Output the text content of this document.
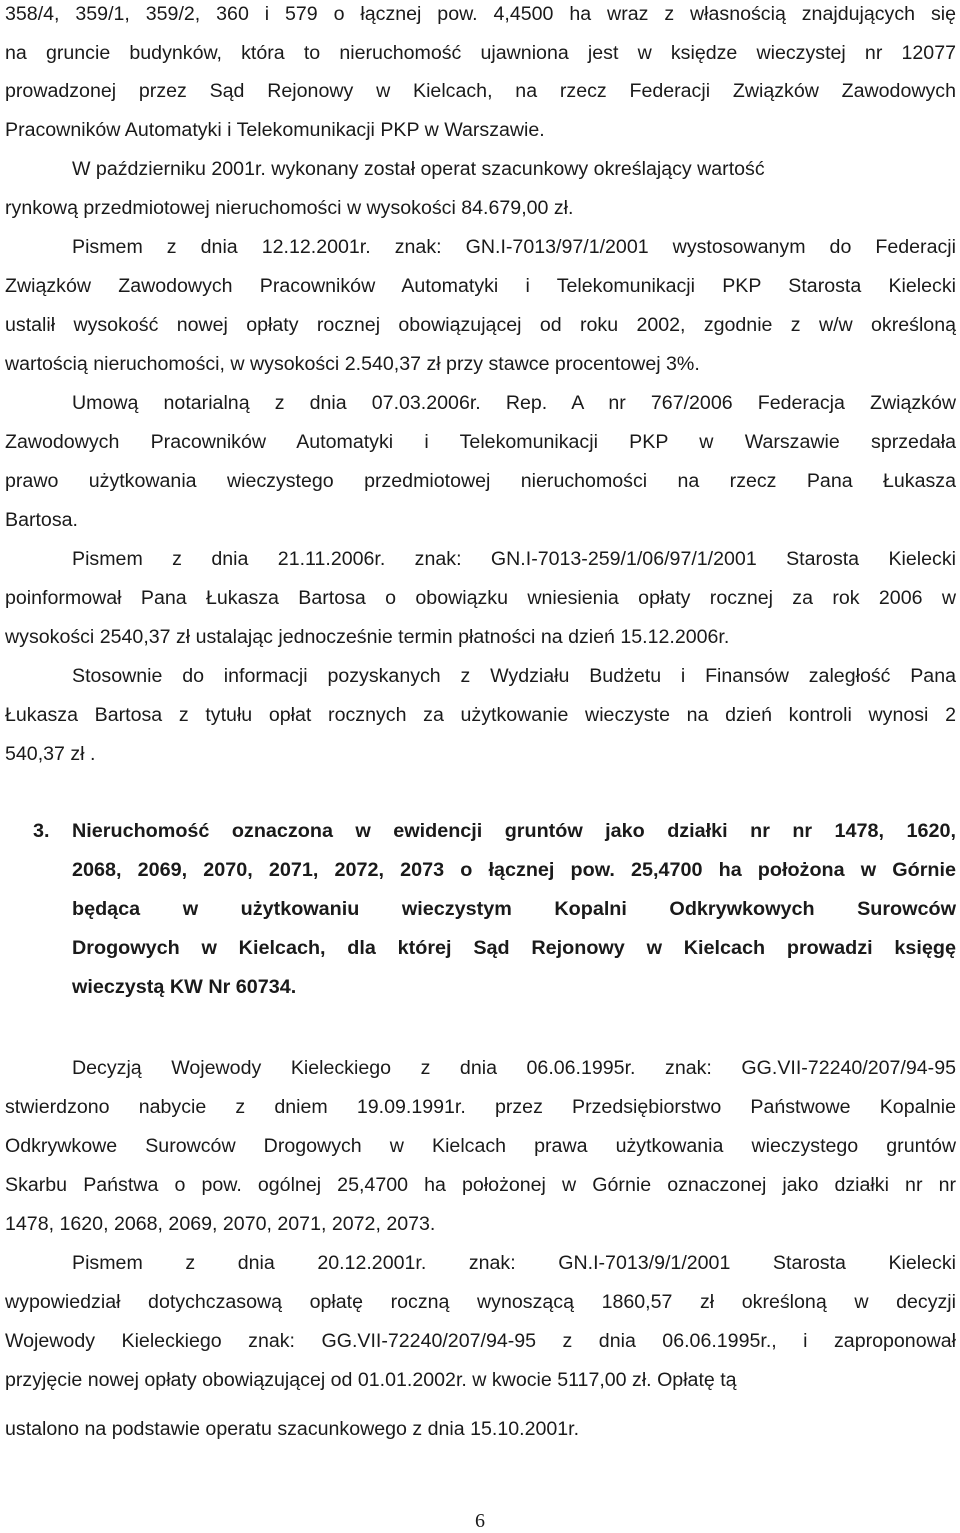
358/4, 359/1, 359/2, 360 i 579 o łącznej pow. 4,4500 ha wraz z własnością znajdujących się
na gruncie budynków, która to nieruchomość ujawniona jest w księdze wieczystej nr 12077
prowadzonej przez Sąd Rejonowy w Kielcach, na rzecz Federacji Związków Zawodowych
Pracowników Automatyki i Telekomunikacji PKP w Warszawie.
W październiku 2001r. wykonany został operat szacunkowy określający wartość
rynkową przedmiotowej nieruchomości w wysokości 84.679,00 zł.
Pismem z dnia 12.12.2001r. znak: GN.I-7013/97/1/2001 wystosowanym do Federacji
Związków Zawodowych Pracowników Automatyki i Telekomunikacji PKP Starosta Kielecki
ustalił wysokość nowej opłaty rocznej obowiązującej od roku 2002, zgodnie z w/w określoną
wartością nieruchomości, w wysokości 2.540,37 zł przy stawce procentowej 3%.
Umową notarialną z dnia 07.03.2006r. Rep. A nr 767/2006 Federacja Związków
Zawodowych Pracowników Automatyki i Telekomunikacji PKP w Warszawie sprzedała
prawo użytkowania wieczystego przedmiotowej nieruchomości na rzecz Pana Łukasza
Bartosa.
Pismem z dnia 21.11.2006r. znak: GN.I-7013-259/1/06/97/1/2001 Starosta Kielecki
poinformował Pana Łukasza Bartosa o obowiązku wniesienia opłaty rocznej za rok 2006 w
wysokości 2540,37 zł ustalając jednocześnie termin płatności na dzień 15.12.2006r.
Stosownie do informacji pozyskanych z Wydziału Budżetu i Finansów zaległość Pana
Łukasza Bartosa z tytułu opłat rocznych za użytkowanie wieczyste na dzień kontroli wynosi 2
540,37 zł .
3. Nieruchomość oznaczona w ewidencji gruntów jako działki nr nr 1478, 1620,
2068, 2069, 2070, 2071, 2072, 2073 o łącznej pow. 25,4700 ha położona w Górnie
będąca w użytkowaniu wieczystym Kopalni Odkrywkowych Surowców
Drogowych w Kielcach, dla której Sąd Rejonowy w Kielcach prowadzi księgę
wieczystą KW Nr 60734.
Decyzją Wojewody Kieleckiego z dnia 06.06.1995r. znak: GG.VII-72240/207/94-95
stwierdzono nabycie z dniem 19.09.1991r. przez Przedsiębiorstwo Państwowe Kopalnie
Odkrywkowe Surowców Drogowych w Kielcach prawa użytkowania wieczystego gruntów
Skarbu Państwa o pow. ogólnej 25,4700 ha położonej w Górnie oznaczonej jako działki nr nr
1478, 1620, 2068, 2069, 2070, 2071, 2072, 2073.
Pismem z dnia 20.12.2001r. znak: GN.I-7013/9/1/2001 Starosta Kielecki
wypowiedział dotychczasową opłatę roczną wynoszącą 1860,57 zł określoną w decyzji
Wojewody Kieleckiego znak: GG.VII-72240/207/94-95 z dnia 06.06.1995r., i zaproponował
przyjęcie nowej opłaty obowiązującej od 01.01.2002r. w kwocie 5117,00 zł. Opłatę tą
ustalono na podstawie operatu szacunkowego z dnia 15.10.2001r.
6
